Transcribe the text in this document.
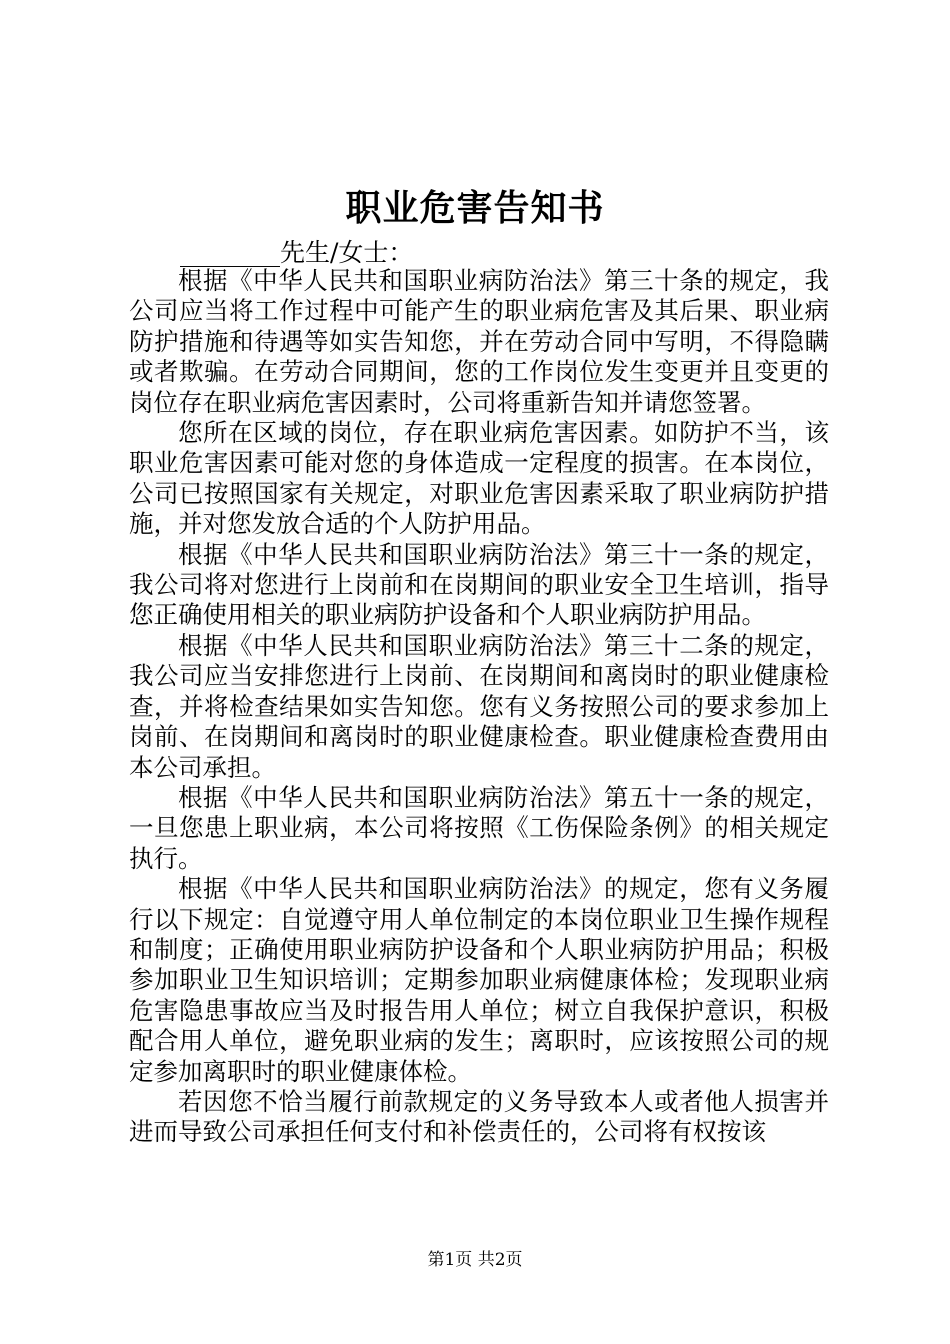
职业危害告知书
________先生/女士：

根据《中华人民共和国职业病防治法》第三十条的规定，我公司应当将工作过程中可能产生的职业病危害及其后果、职业病防护措施和待遇等如实告知您，并在劳动合同中写明，不得隐瞒或者欺骗。在劳动合同期间，您的工作岗位发生变更并且变更的岗位存在职业病危害因素时，公司将重新告知并请您签署。

您所在区域的岗位，存在职业病危害因素。如防护不当，该职业危害因素可能对您的身体造成一定程度的损害。在本岗位，公司已按照国家有关规定，对职业危害因素采取了职业病防护措施，并对您发放合适的个人防护用品。

根据《中华人民共和国职业病防治法》第三十一条的规定，我公司将对您进行上岗前和在岗期间的职业安全卫生培训，指导您正确使用相关的职业病防护设备和个人职业病防护用品。

根据《中华人民共和国职业病防治法》第三十二条的规定，我公司应当安排您进行上岗前、在岗期间和离岗时的职业健康检查，并将检查结果如实告知您。您有义务按照公司的要求参加上岗前、在岗期间和离岗时的职业健康检查。职业健康检查费用由本公司承担。

根据《中华人民共和国职业病防治法》第五十一条的规定，一旦您患上职业病，本公司将按照《工伤保险条例》的相关规定执行。

根据《中华人民共和国职业病防治法》的规定，您有义务履行以下规定：自觉遵守用人单位制定的本岗位职业卫生操作规程和制度；正确使用职业病防护设备和个人职业病防护用品；积极参加职业卫生知识培训；定期参加职业病健康体检；发现职业病危害隐患事故应当及时报告用人单位；树立自我保护意识，积极配合用人单位，避免职业病的发生；离职时，应该按照公司的规定参加离职时的职业健康体检。

若因您不恰当履行前款规定的义务导致本人或者他人损害并进而导致公司承担任何支付和补偿责任的，公司将有权按该

第1页 共2页
